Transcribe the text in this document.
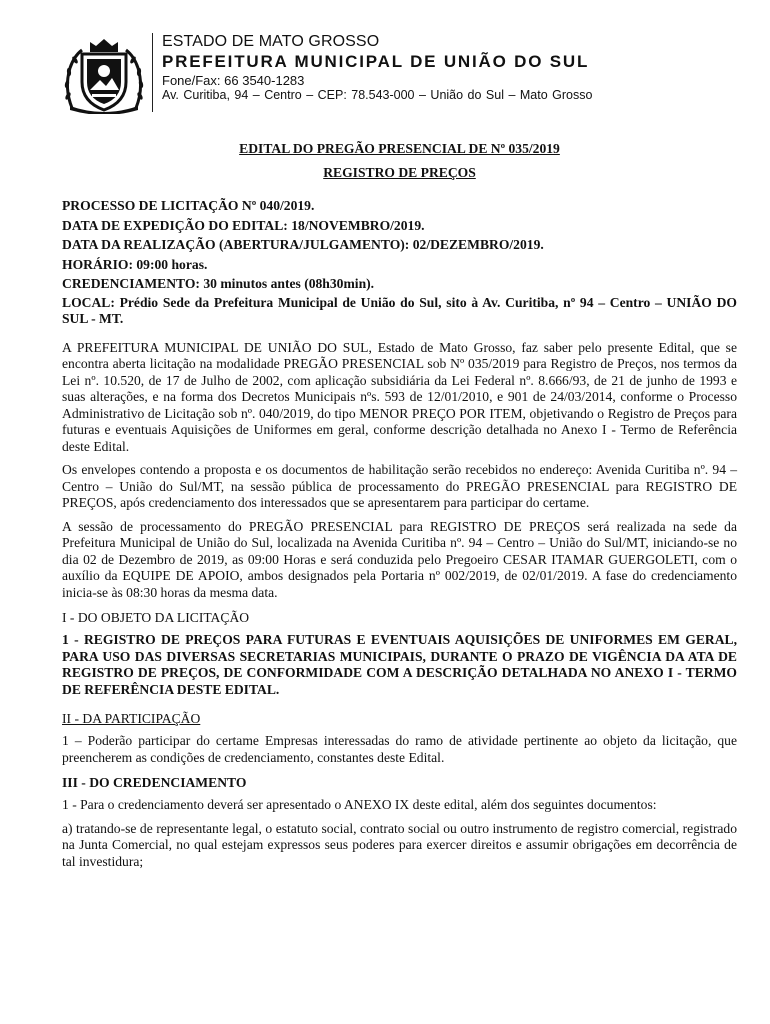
ESTADO DE MATO GROSSO
PREFEITURA MUNICIPAL DE UNIÃO DO SUL
Fone/Fax: 66 3540-1283
Av. Curitiba, 94 – Centro – CEP: 78.543-000 – União do Sul – Mato Grosso
EDITAL DO PREGÃO PRESENCIAL DE Nº 035/2019
REGISTRO DE PREÇOS
PROCESSO DE LICITAÇÃO Nº 040/2019.
DATA DE EXPEDIÇÃO DO EDITAL: 18/NOVEMBRO/2019.
DATA DA REALIZAÇÃO (ABERTURA/JULGAMENTO): 02/DEZEMBRO/2019.
HORÁRIO: 09:00 horas.
CREDENCIAMENTO: 30 minutos antes (08h30min).
LOCAL: Prédio Sede da Prefeitura Municipal de União do Sul, sito à Av. Curitiba, nº 94 – Centro – UNIÃO DO SUL - MT.

A PREFEITURA MUNICIPAL DE UNIÃO DO SUL, Estado de Mato Grosso, faz saber pelo presente Edital, que se encontra aberta licitação na modalidade PREGÃO PRESENCIAL sob Nº 035/2019 para Registro de Preços, nos termos da Lei nº. 10.520, de 17 de Julho de 2002, com aplicação subsidiária da Lei Federal nº. 8.666/93, de 21 de junho de 1993 e suas alterações, e na forma dos Decretos Municipais nºs. 593 de 12/01/2010, e 901 de 24/03/2014, conforme o Processo Administrativo de Licitação sob nº. 040/2019, do tipo MENOR PREÇO POR ITEM, objetivando o Registro de Preços para futuras e eventuais Aquisições de Uniformes em geral, conforme descrição detalhada no Anexo I - Termo de Referência deste Edital.

Os envelopes contendo a proposta e os documentos de habilitação serão recebidos no endereço: Avenida Curitiba nº. 94 – Centro – União do Sul/MT, na sessão pública de processamento do PREGÃO PRESENCIAL para REGISTRO DE PREÇOS, após credenciamento dos interessados que se apresentarem para participar do certame.

A sessão de processamento do PREGÃO PRESENCIAL para REGISTRO DE PREÇOS será realizada na sede da Prefeitura Municipal de União do Sul, localizada na Avenida Curitiba nº. 94 – Centro – União do Sul/MT, iniciando-se no dia 02 de Dezembro de 2019, as 09:00 Horas e será conduzida pelo Pregoeiro CESAR ITAMAR GUERGOLETI, com o auxílio da EQUIPE DE APOIO, ambos designados pela Portaria nº 002/2019, de 02/01/2019. A fase do credenciamento inicia-se às 08:30 horas da mesma data.

I - DO OBJETO DA LICITAÇÃO
1 - REGISTRO DE PREÇOS PARA FUTURAS E EVENTUAIS AQUISIÇÕES DE UNIFORMES EM GERAL, PARA USO DAS DIVERSAS SECRETARIAS MUNICIPAIS, DURANTE O PRAZO DE VIGÊNCIA DA ATA DE REGISTRO DE PREÇOS, DE CONFORMIDADE COM A DESCRIÇÃO DETALHADA NO ANEXO I - TERMO DE REFERÊNCIA DESTE EDITAL.
II - DA PARTICIPAÇÃO

1 – Poderão participar do certame Empresas interessadas do ramo de atividade pertinente ao objeto da licitação, que preencherem as condições de credenciamento, constantes deste Edital.

III - DO CREDENCIAMENTO

1 - Para o credenciamento deverá ser apresentado o ANEXO IX deste edital, além dos seguintes documentos:

a) tratando-se de representante legal, o estatuto social, contrato social ou outro instrumento de registro comercial, registrado na Junta Comercial, no qual estejam expressos seus poderes para exercer direitos e assumir obrigações em decorrência de tal investidura;
